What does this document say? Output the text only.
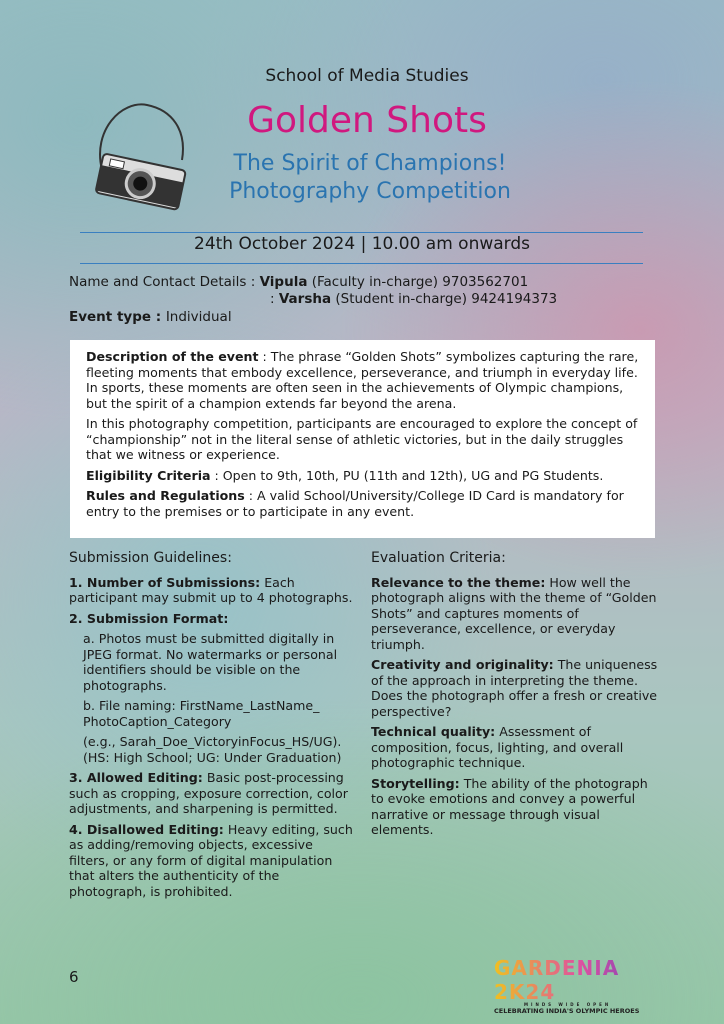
School of Media Studies
Golden Shots
The Spirit of Champions!
Photography Competition
24th October 2024 | 10.00 am onwards
Name and Contact Details : Vipula (Faculty in-charge) 9703562701
: Varsha (Student in-charge) 9424194373
Event type : Individual

Description of the event : The phrase “Golden Shots” symbolizes capturing the rare, fleeting moments that embody excellence, perseverance, and triumph in everyday life. In sports, these moments are often seen in the achievements of Olympic champions, but the spirit of a champion extends far beyond the arena.

In this photography competition, participants are encouraged to explore the concept of “championship” not in the literal sense of athletic victories, but in the daily struggles that we witness or experience.

Eligibility Criteria : Open to 9th, 10th, PU (11th and 12th), UG and PG Students.

Rules and Regulations : A valid School/University/College ID Card is mandatory for entry to the premises or to participate in any event.

Submission Guidelines:

1. Number of Submissions: Each participant may submit up to 4 photographs.

2. Submission Format:

a. Photos must be submitted digitally in JPEG format. No watermarks or personal identifiers should be visible on the photographs.

b. File naming: FirstName_LastName_ PhotoCaption_Category

(e.g., Sarah_Doe_VictoryinFocus_HS/UG). (HS: High School; UG: Under Graduation)

3. Allowed Editing: Basic post-processing such as cropping, exposure correction, color adjustments, and sharpening is permitted.

4. Disallowed Editing: Heavy editing, such as adding/removing objects, excessive filters, or any form of digital manipulation that alters the authenticity of the photograph, is prohibited.

Evaluation Criteria:

Relevance to the theme: How well the photograph aligns with the theme of “Golden Shots” and captures moments of perseverance, excellence, or everyday triumph.

Creativity and originality: The uniqueness of the approach in interpreting the theme. Does the photograph offer a fresh or creative perspective?

Technical quality: Assessment of composition, focus, lighting, and overall photographic technique.

Storytelling: The ability of the photograph to evoke emotions and convey a powerful narrative or message through visual elements.

6	GARDENIA 2K24
MINDS WIDE OPEN
CELEBRATING INDIA'S OLYMPIC HEROES
